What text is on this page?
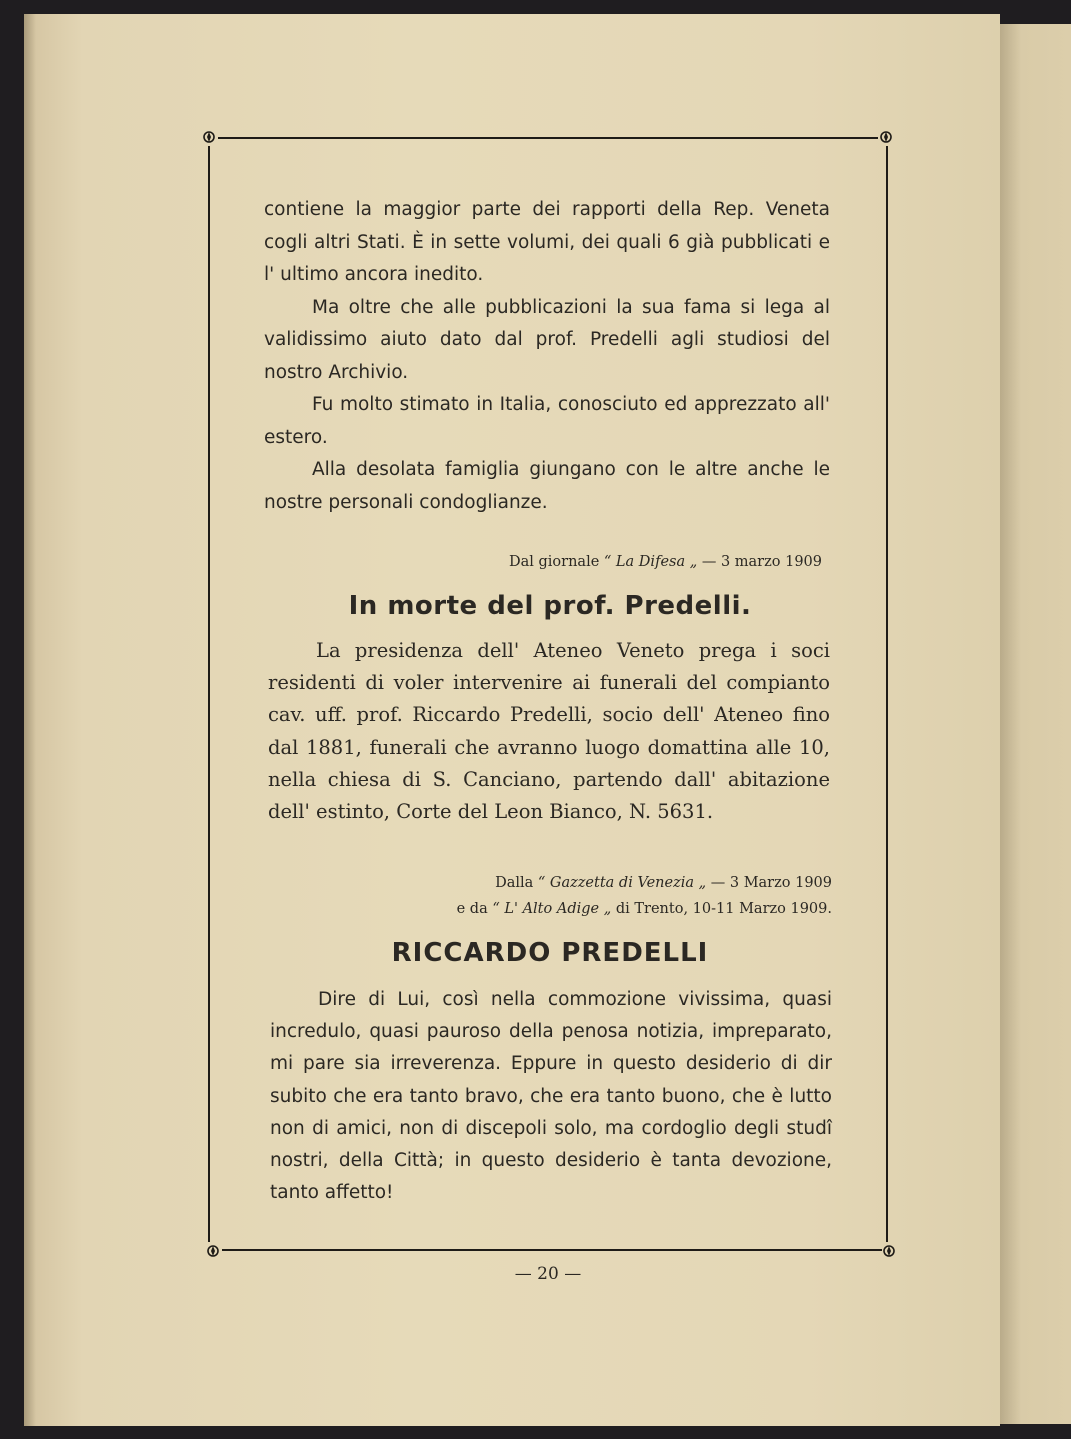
contiene la maggior parte dei rapporti della Rep. Veneta cogli altri Stati. È in sette volumi, dei quali 6 già pubblicati e l' ultimo ancora inedito.

Ma oltre che alle pubblicazioni la sua fama si lega al validissimo aiuto dato dal prof. Predelli agli studiosi del nostro Archivio.

Fu molto stimato in Italia, conosciuto ed apprezzato all' estero.

Alla desolata famiglia giungano con le altre anche le nostre personali condoglianze.

Dal giornale “ La Difesa „ — 3 marzo 1909
In morte del prof. Predelli.

La presidenza dell' Ateneo Veneto prega i soci residenti di voler intervenire ai funerali del compianto cav. uff. prof. Riccardo Predelli, socio dell' Ateneo fino dal 1881, funerali che avranno luogo domattina alle 10, nella chiesa di S. Canciano, partendo dall' abitazione dell' estinto, Corte del Leon Bianco, N. 5631.

Dalla “ Gazzetta di Venezia „ — 3 Marzo 1909
e da “ L' Alto Adige „ di Trento, 10-11 Marzo 1909.
RICCARDO PREDELLI

Dire di Lui, così nella commozione vivissima, quasi incredulo, quasi pauroso della penosa notizia, impreparato, mi pare sia irreverenza. Eppure in questo desiderio di dir subito che era tanto bravo, che era tanto buono, che è lutto non di amici, non di discepoli solo, ma cordoglio degli studî nostri, della Città; in questo desiderio è tanta devozione, tanto affetto!

— 20 —
